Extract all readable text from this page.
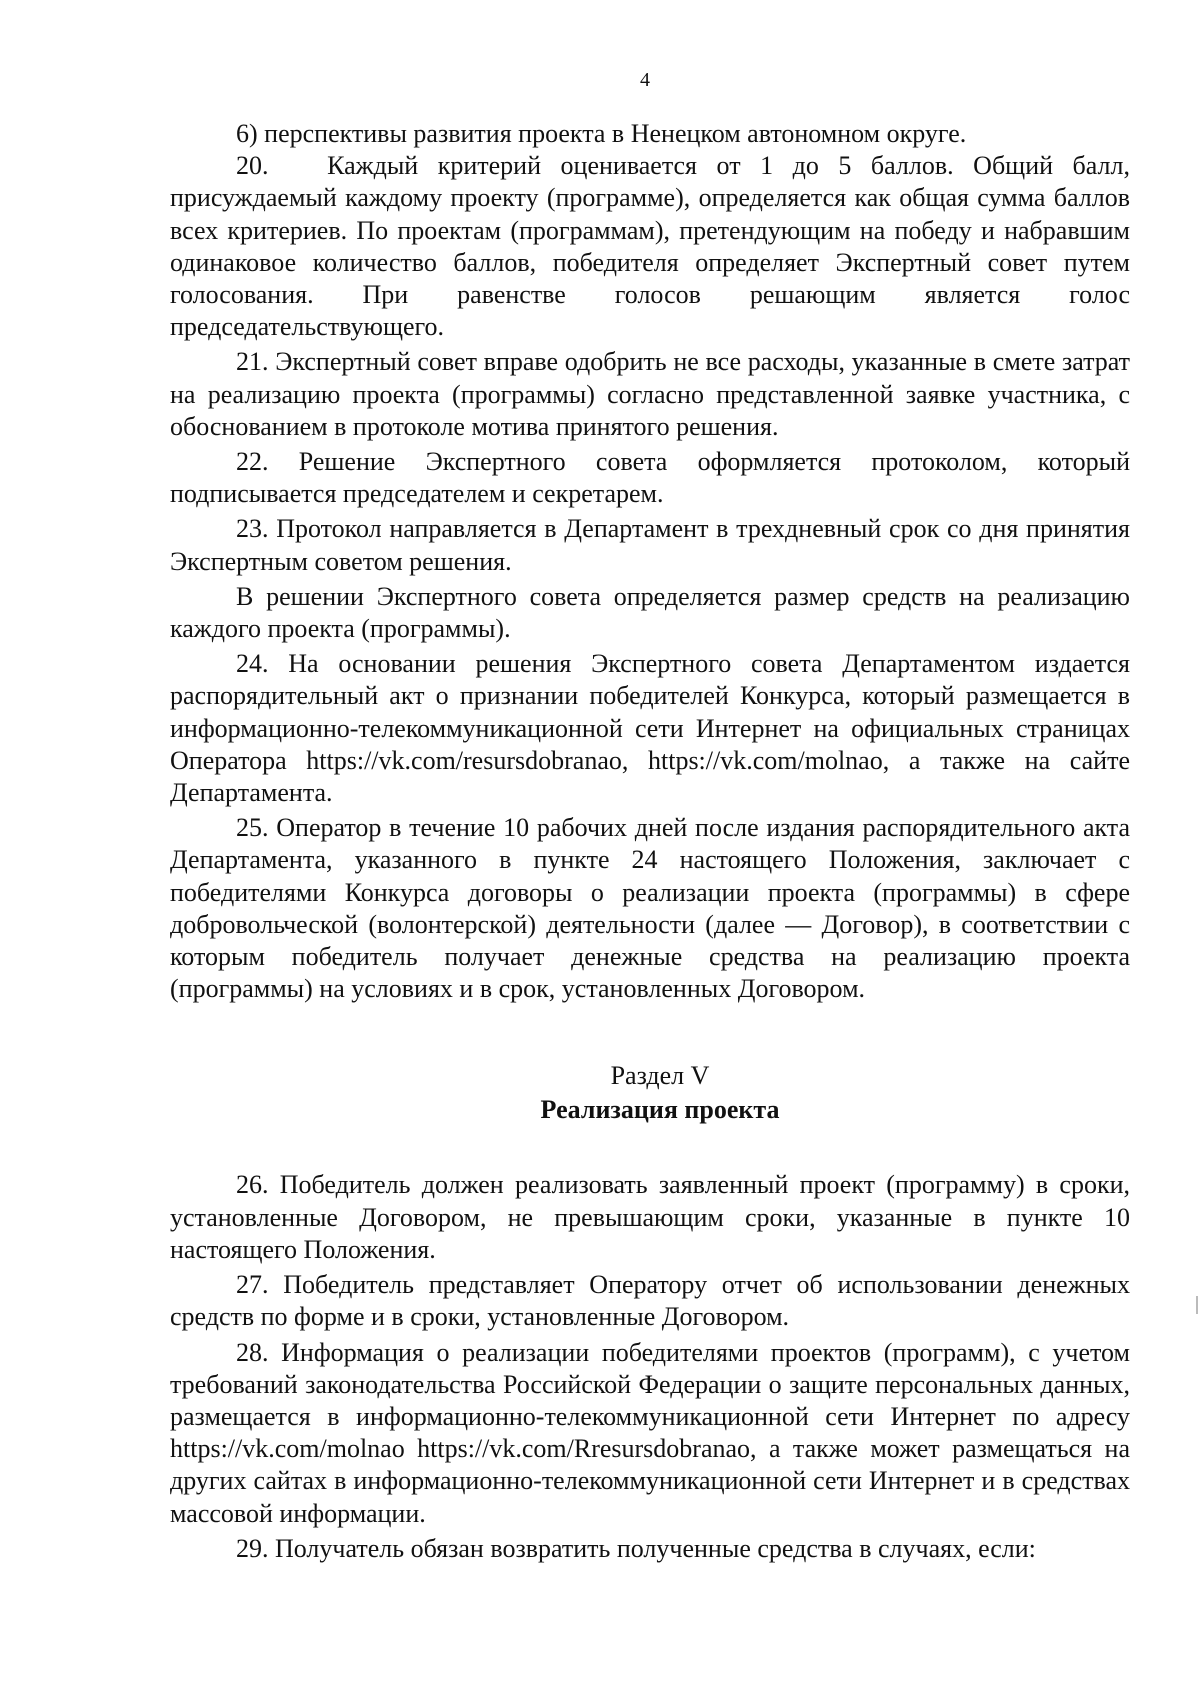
4

6) перспективы развития проекта в Ненецком автономном округе.

20.   Каждый критерий оценивается от 1 до 5 баллов. Общий балл, присуждаемый каждому проекту (программе), определяется как общая сумма баллов всех критериев. По проектам (программам), претендующим на победу и набравшим одинаковое количество баллов, победителя определяет Экспертный совет путем голосования. При равенстве голосов решающим является голос председательствующего.

21. Экспертный совет вправе одобрить не все расходы, указанные в смете затрат на реализацию проекта (программы) согласно представленной заявке участника, с обоснованием в протоколе мотива принятого решения.

22. Решение Экспертного совета оформляется протоколом, который подписывается председателем и секретарем.

23. Протокол направляется в Департамент в трехдневный срок со дня принятия Экспертным советом решения.

В решении Экспертного совета определяется размер средств на реализацию каждого проекта (программы).

24. На основании решения Экспертного совета Департаментом издается распорядительный акт о признании победителей Конкурса, который размещается в информационно-телекоммуникационной сети Интернет на официальных страницах Оператора https://vk.com/resursdobranao, https://vk.com/molnao, а также на сайте Департамента.

25. Оператор в течение 10 рабочих дней после издания распорядительного акта Департамента, указанного в пункте 24 настоящего Положения, заключает с победителями Конкурса договоры о реализации проекта (программы) в сфере добровольческой (волонтерской) деятельности (далее — Договор), в соответствии с которым победитель получает денежные средства на реализацию проекта (программы) на условиях и в срок, установленных Договором.

Раздел V
Реализация проекта

26. Победитель должен реализовать заявленный проект (программу) в сроки, установленные Договором, не превышающим сроки, указанные в пункте 10 настоящего Положения.

27. Победитель представляет Оператору отчет об использовании денежных средств по форме и в сроки, установленные Договором.

28. Информация о реализации победителями проектов (программ), с учетом требований законодательства Российской Федерации о защите персональных данных, размещается в информационно-телекоммуникационной сети Интернет по адресу https://vk.com/molnao https://vk.com/Rresursdobranao, а также может размещаться на других сайтах в информационно-телекоммуникационной сети Интернет и в средствах массовой информации.

29. Получатель обязан возвратить полученные средства в случаях, если:
